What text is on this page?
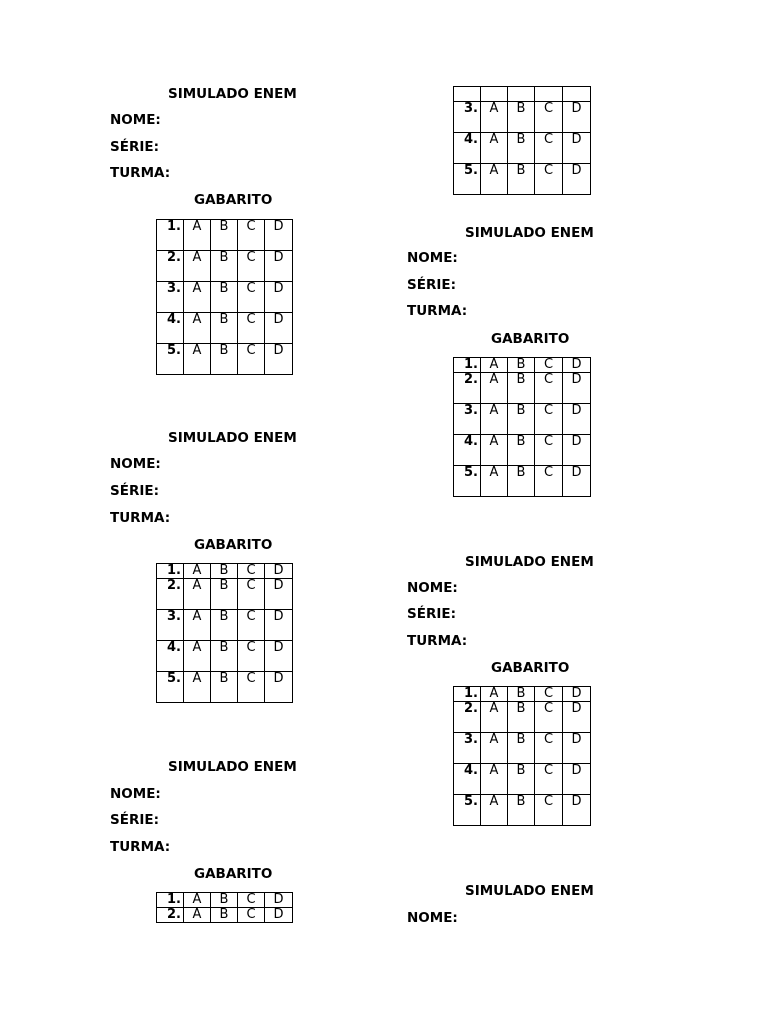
SIMULADO ENEM
NOME:
SÉRIE:
TURMA:
GABARITO
1.	A	B	C	D
2.	A	B	C	D
3.	A	B	C	D
4.	A	B	C	D
5.	A	B	C	D
SIMULADO ENEM
NOME:
SÉRIE:
TURMA:
GABARITO
1.	A	B	C	D
2.	A	B	C	D
3.	A	B	C	D
4.	A	B	C	D
5.	A	B	C	D
SIMULADO ENEM
NOME:
SÉRIE:
TURMA:
GABARITO
1.	A	B	C	D
2.	A	B	C	D

3.	A	B	C	D
4.	A	B	C	D
5.	A	B	C	D
SIMULADO ENEM
NOME:
SÉRIE:
TURMA:
GABARITO
1.	A	B	C	D
2.	A	B	C	D
3.	A	B	C	D
4.	A	B	C	D
5.	A	B	C	D
SIMULADO ENEM
NOME:
SÉRIE:
TURMA:
GABARITO
1.	A	B	C	D
2.	A	B	C	D
3.	A	B	C	D
4.	A	B	C	D
5.	A	B	C	D
SIMULADO ENEM
NOME:
